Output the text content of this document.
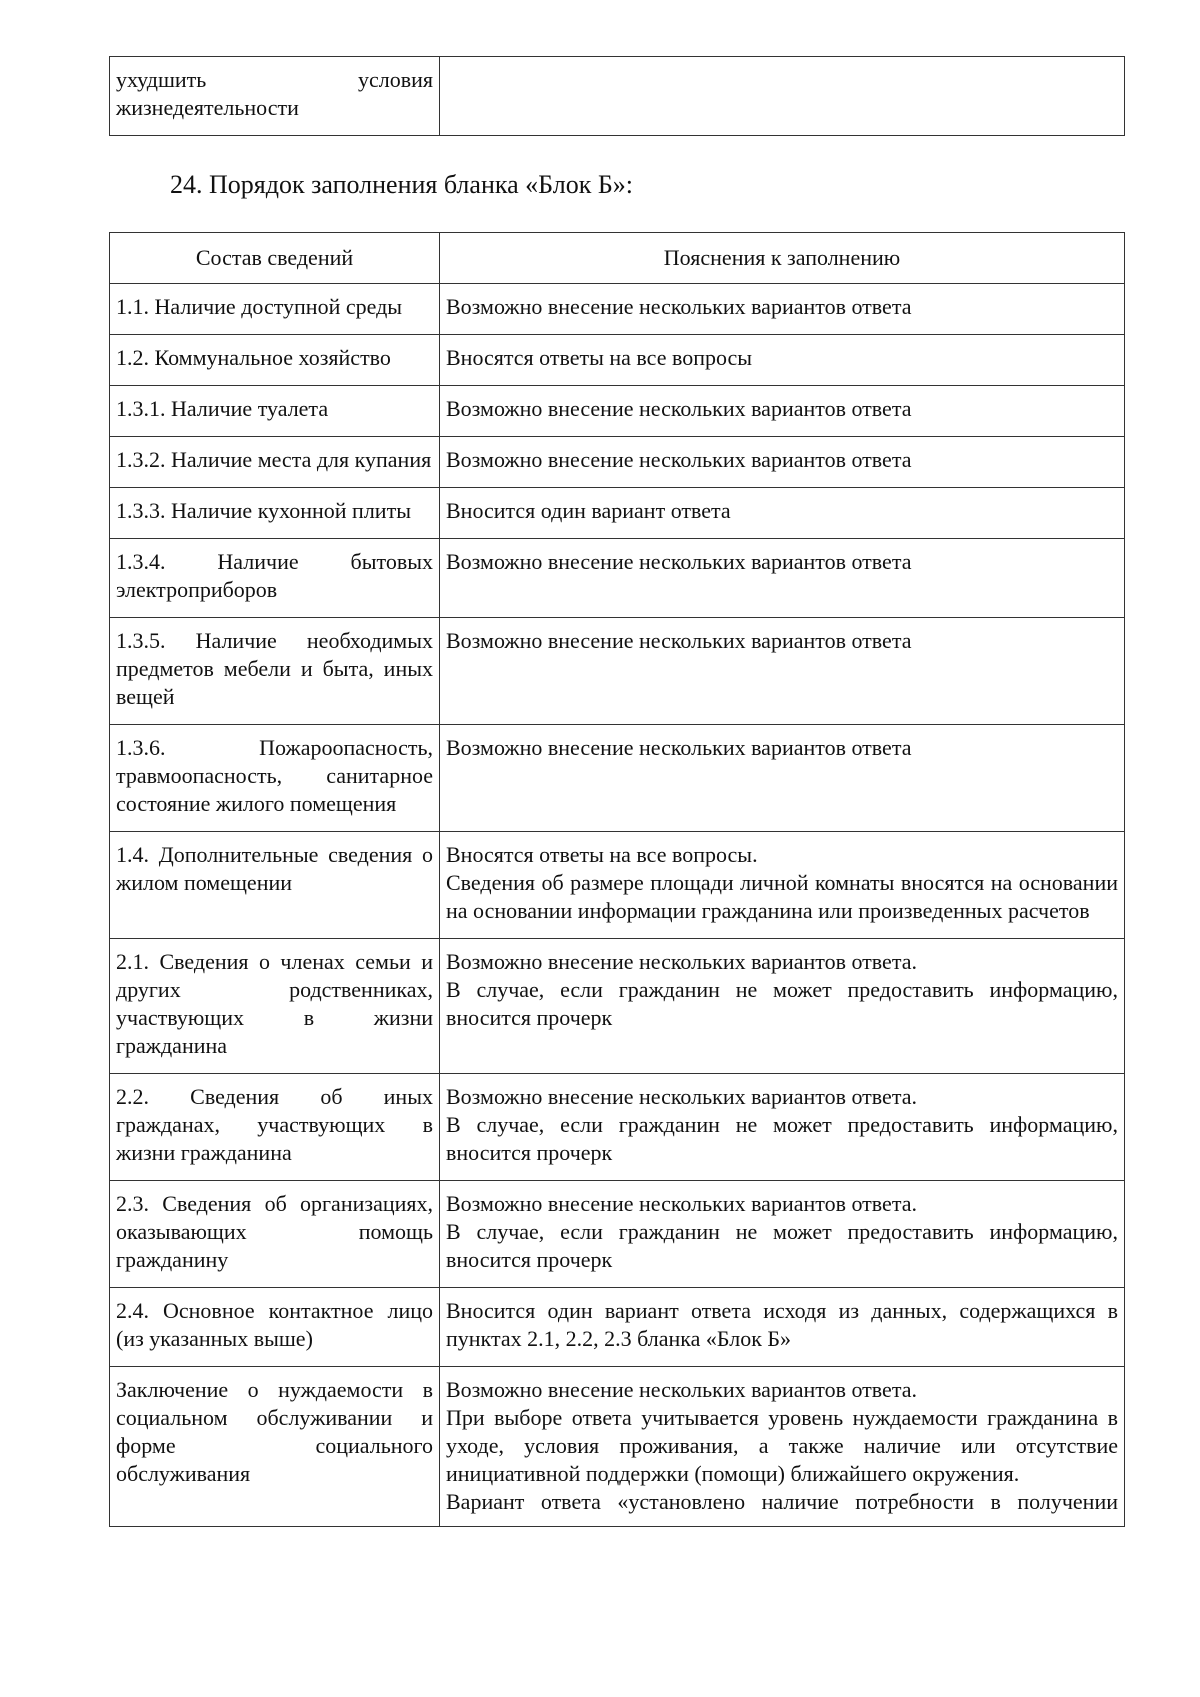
ухудшить условия жизнедеятельности	
24. Порядок заполнения бланка «Блок Б»:
Состав сведений	Пояснения к заполнению
1.1. Наличие доступной среды	Возможно внесение нескольких вариантов ответа

1.2. Коммунальное хозяйство	Вносятся ответы на все вопросы

1.3.1. Наличие туалета	Возможно внесение нескольких вариантов ответа

1.3.2. Наличие места для купания	Возможно внесение нескольких вариантов ответа

1.3.3. Наличие кухонной плиты	Вносится один вариант ответа

1.3.4. Наличие бытовых электроприборов	Возможно внесение нескольких вариантов ответа

1.3.5. Наличие необходимых предметов мебели и быта, иных вещей	Возможно внесение нескольких вариантов ответа

1.3.6. Пожароопасность, травмоопасность, санитарное состояние жилого помещения	Возможно внесение нескольких вариантов ответа

1.4. Дополнительные сведения о жилом помещении	Вносятся ответы на все вопросы.
Сведения об размере площади личной комнаты вносятся на основании на основании информации гражданина или произведенных расчетов

2.1. Сведения о членах семьи и других родственниках, участвующих в жизни гражданина	Возможно внесение нескольких вариантов ответа.
В случае, если гражданин не может предоставить информацию, вносится прочерк

2.2. Сведения об иных гражданах, участвующих в жизни гражданина	Возможно внесение нескольких вариантов ответа.
В случае, если гражданин не может предоставить информацию, вносится прочерк

2.3. Сведения об организациях, оказывающих помощь гражданину	Возможно внесение нескольких вариантов ответа.
В случае, если гражданин не может предоставить информацию, вносится прочерк

2.4. Основное контактное лицо (из указанных выше)	Вносится один вариант ответа исходя из данных, содержащихся в пунктах 2.1, 2.2, 2.3 бланка «Блок Б»

Заключение о нуждаемости в социальном обслуживании и форме социального обслуживания	Возможно внесение нескольких вариантов ответа.
При выборе ответа учитывается уровень нуждаемости гражданина в уходе, условия проживания, а также наличие или отсутствие инициативной поддержки (помощи) ближайшего окружения.
Вариант ответа «установлено наличие потребности в получении
